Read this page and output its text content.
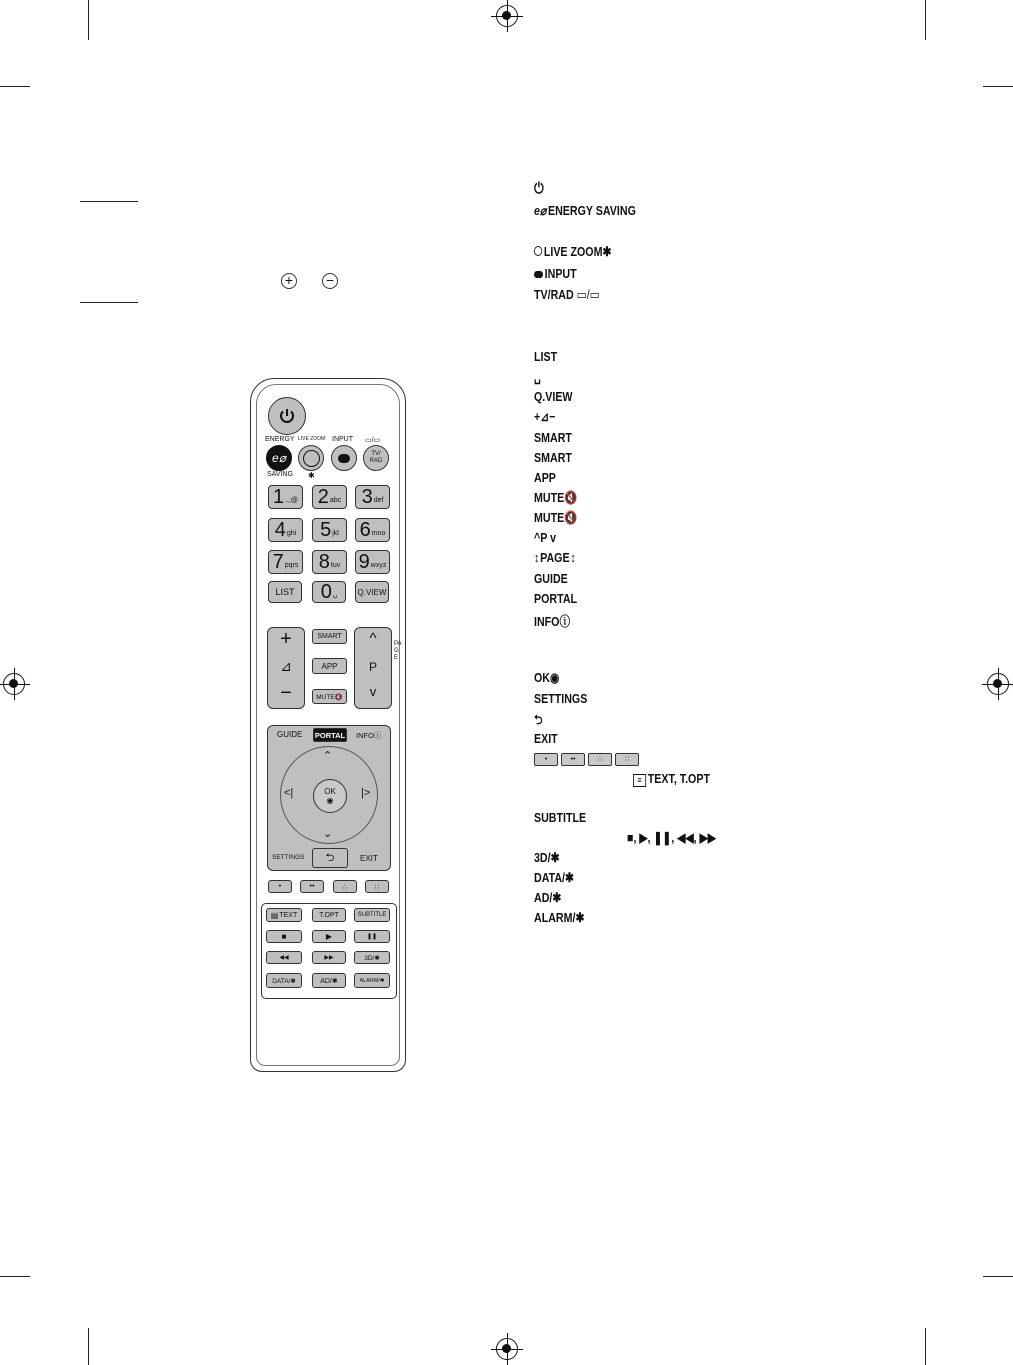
+ −
ENERGY LIVE ZOOM INPUT ▭/▭
e⌀	TV/
RAD
SAVING ✱
1 .,;@ 2 abc 3 def
4 ghi 5 jkl 6 mno
7 pqrs 8 tuv 9 wxyz
LIST	0 ␣	Q.VIEW
+
⊿
−
SMART
APP
MUTE🔇
^
P
v
PAGE
GUIDE PORTAL INFOⓘ
⌃
⌄
<|	|>
OK
◉
SETTINGS	⮌	EXIT
•	••	∴	∷
▤ TEXT	T.OPT	SUBTITLE
■	▶	❚❚
◀◀	▶▶	3D/✱
DATA/✱	AD/✱	ALARM/✱
⏻
e⌀ ENERGY SAVING
LIVE ZOOM✱
INPUT
TV/RAD ▭/▭
LIST
␣
Q.VIEW
+⊿−
SMART
SMART
APP
MUTE🔇
MUTE🔇
^P v
↕PAGE↕
GUIDE
PORTAL
INFOⓘ
OK◉
SETTINGS
⮌
EXIT
•	••	∴	∷
≡ TEXT, T.OPT
SUBTITLE
■, ▶, ❚❚, ◀◀, ▶▶
3D/✱
DATA/✱
AD/✱
ALARM/✱
